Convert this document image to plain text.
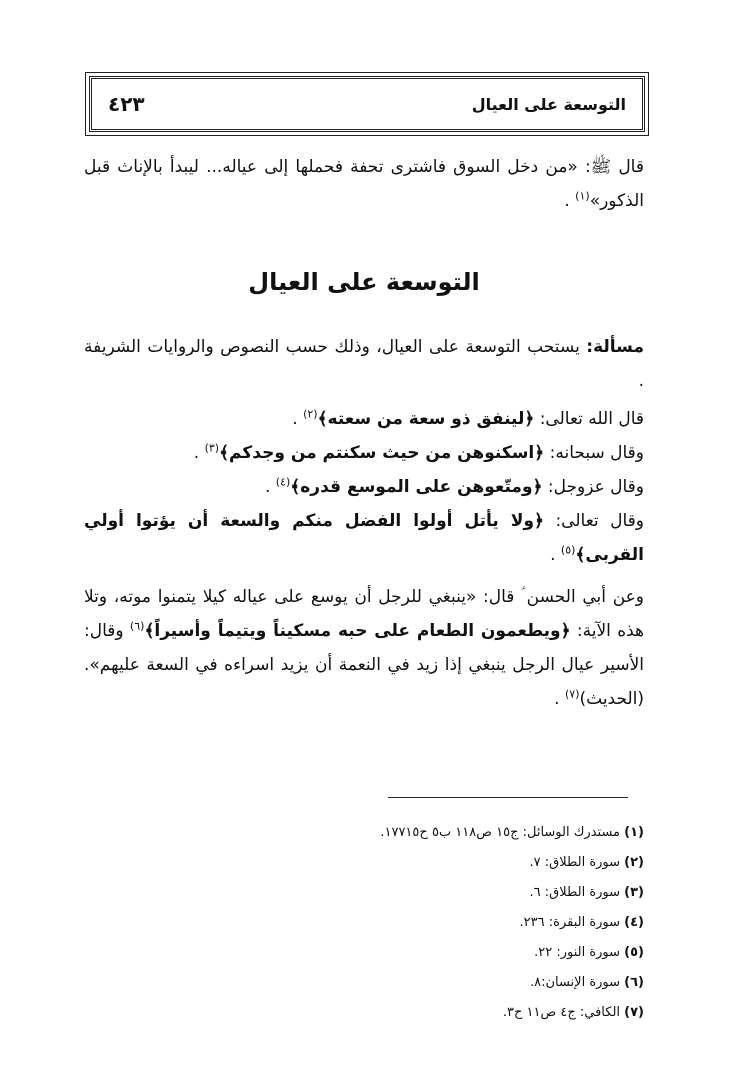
التوسعة على العيال
٤٢٣

قال ﷺ: «من دخل السوق فاشترى تحفة فحملها إلى عياله... ليبدأ بالإناث قبل الذكور»$^{(١)}$ .

التوسعة على العيال

مسألة: يستحب التوسعة على العيال، وذلك حسب النصوص والروايات الشريفة .

قال الله تعالى: ﴿لينفق ذو سعة من سعته﴾$^{(٢)}$ .

وقال سبحانه: ﴿اسكنوهن من حيث سكنتم من وجدكم﴾$^{(٣)}$ .

وقال عزوجل: ﴿ومتّعوهن على الموسع قدره﴾$^{(٤)}$ .

وقال تعالى: ﴿ولا يأتل أولوا الفضل منكم والسعة أن يؤتوا أولي القربى﴾$^{(٥)}$ .

وعن أبي الحسن ؑ قال: «ينبغي للرجل أن يوسع على عياله كيلا يتمنوا موته، وتلا هذه الآية: ﴿ويطعمون الطعام على حبه مسكيناً ويتيماً وأسيراً﴾$^{(٦)}$ وقال: الأسير عيال الرجل ينبغي إذا زيد في النعمة أن يزيد اسراءه في السعة عليهم». (الحديث)$^{(٧)}$ .

(١) مستدرك الوسائل: ج١٥ ص١١٨ ب٥ ح١٧٧١٥.
(٢) سورة الطلاق: ٧.
(٣) سورة الطلاق: ٦.
(٤) سورة البقرة: ٢٣٦.
(٥) سورة النور: ٢٢.
(٦) سورة الإنسان:٨.
(٧) الكافي: ج٤ ص١١ ح٣.
